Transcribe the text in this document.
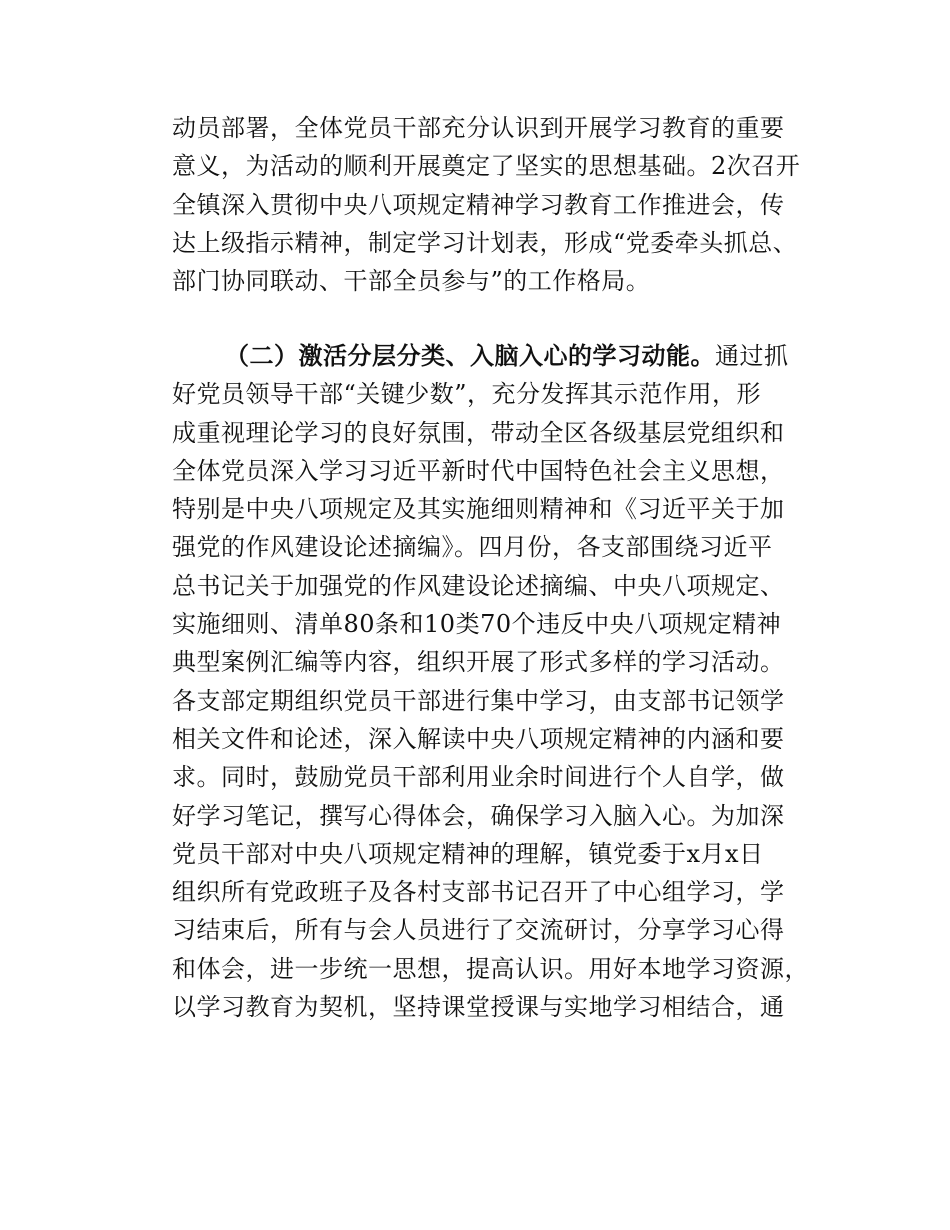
动员部署，全体党员干部充分认识到开展学习教育的重要
意义，为活动的顺利开展奠定了坚实的思想基础。2次召开
全镇深入贯彻中央八项规定精神学习教育工作推进会，传
达上级指示精神，制定学习计划表，形成“党委牵头抓总、
部门协同联动、干部全员参与”的工作格局。
（二）激活分层分类、入脑入心的学习动能。通过抓
好党员领导干部“关键少数”，充分发挥其示范作用，形
成重视理论学习的良好氛围，带动全区各级基层党组织和
全体党员深入学习习近平新时代中国特色社会主义思想，
特别是中央八项规定及其实施细则精神和《习近平关于加
强党的作风建设论述摘编》。四月份，各支部围绕习近平
总书记关于加强党的作风建设论述摘编、中央八项规定、
实施细则、清单80条和10类70个违反中央八项规定精神
典型案例汇编等内容，组织开展了形式多样的学习活动。
各支部定期组织党员干部进行集中学习，由支部书记领学
相关文件和论述，深入解读中央八项规定精神的内涵和要
求。同时，鼓励党员干部利用业余时间进行个人自学，做
好学习笔记，撰写心得体会，确保学习入脑入心。为加深
党员干部对中央八项规定精神的理解，镇党委于x月x日
组织所有党政班子及各村支部书记召开了中心组学习，学
习结束后，所有与会人员进行了交流研讨，分享学习心得
和体会，进一步统一思想，提高认识。用好本地学习资源，
以学习教育为契机，坚持课堂授课与实地学习相结合，通
